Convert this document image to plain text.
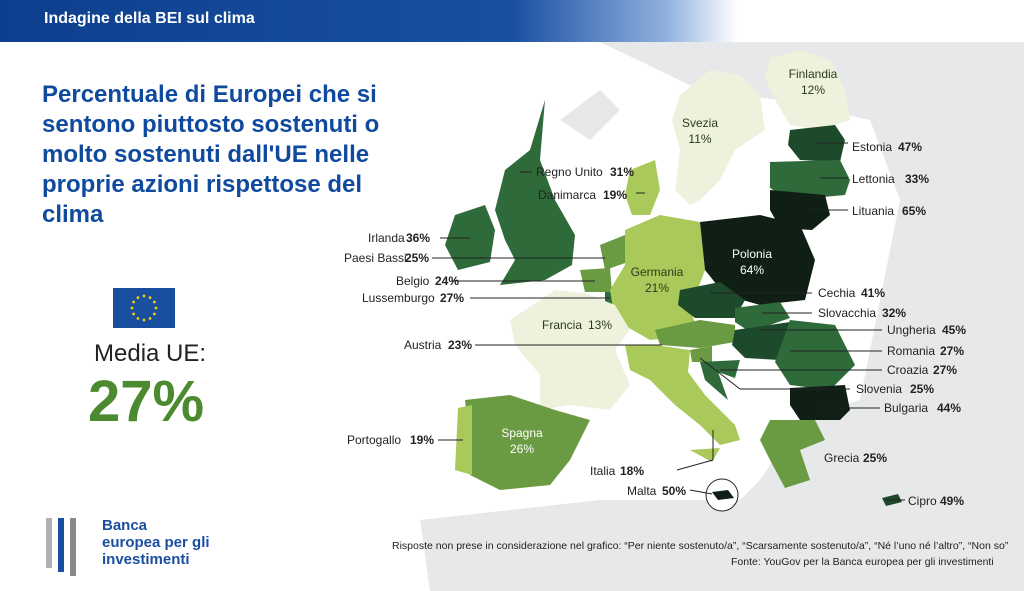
Indagine della BEI sul clima
Percentuale di Europei che si sentono piuttosto sostenuti o molto sostenuti dall'UE nelle proprie azioni rispettose del clima
Media UE:
27%
Banca
europea per gli
investimenti
Finlandia
12%
Svezia
11%
Estonia 47%
Lettonia 33%
Lituania 65%
Regno Unito 31%
Danimarca 19%
Irlanda 36%
Paesi Bassi
25%
Belgio 24%
Lussemburgo 27%
Germania
21%
Polonia
64%
Cechia 41%
Slovacchia 32%
Ungheria 45%
Romania 27%
Croazia 27%
Slovenia 25%
Bulgaria 44%
Francia 13%
Austria 23%
Spagna
26%
Portogallo 19%
Italia 18%
Malta 50%
Grecia 25%
Cipro 49%
Risposte non prese in considerazione nel grafico: “Per niente sostenuto/a”, “Scarsamente sostenuto/a”, “Né l’uno né l’altro”, “Non so”
Fonte: YouGov per la Banca europea per gli investimenti
